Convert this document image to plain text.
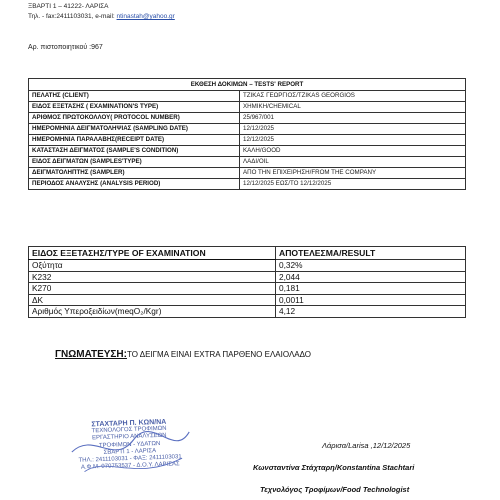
ΞΒΑΡΤΙ 1 – 41222- ΛΑΡΙΣΑ
Τηλ. - fax:2411103031, e-mail: ntinastah@yahoo.gr
Αρ. πιστοποιητικού :967
ΕΚΘΕΣΗ ΔΟΚΙΜΩΝ – TESTS' REPORT	
ΠΕΛΑΤΗΣ (CLIENT)	ΤΖΙΚΑΣ ΓΕΩΡΓΙΟΣ/TZIKAS GEORGIOS
ΕΙΔΟΣ ΕΞΕΤΑΣΗΣ ( EXAMINATION'S TYPE)	ΧΗΜΙΚΗ/CHEMICAL
ΑΡΙΘΜΟΣ ΠΡΩΤΟΚΟΛΛΟΥ( PROTOCOL NUMBER)	25/967/001
ΗΜΕΡΟΜΗΝΙΑ ΔΕΙΓΜΑΤΟΛΗΨΙΑΣ (SAMPLING DATE)	12/12/2025
ΗΜΕΡΟΜΗΝΙΑ ΠΑΡΑΛΑΒΗΣ(RECEIPT DATE)	12/12/2025
ΚΑΤΑΣΤΑΣΗ ΔΕΙΓΜΑΤΟΣ (SAMPLE'S CONDITION)	ΚΑΛΗ/GOOD
ΕΙΔΟΣ ΔΕΙΓΜΑΤΩΝ (SAMPLES'TYPE)	ΛΑΔΙ/OIL
ΔΕΙΓΜΑΤΟΛΗΠΤΗΣ (SAMPLER)	ΑΠΟ ΤΗΝ ΕΠΙΧΕΙΡΗΣΗ/FROM THE COMPANY
ΠΕΡΙΟΔΟΣ ΑΝΑΛΥΣΗΣ (ANALYSIS PERIOD)	12/12/2025 ΕΩΣ/TO 12/12/2025
ΕΙΔΟΣ ΕΞΕΤΑΣΗΣ/TYPE OF EXAMINATION	ΑΠΟΤΕΛΕΣΜΑ/RESULT
Οξύτητα	0,32%
K232	2,044
K270	0,181
ΔΚ	0,0011
Αριθμός Υπεροξειδίων(meqO₂/Kgr)	4,12
ΓΝΩΜΑΤΕΥΣΗ:ΤΟ ΔΕΙΓΜΑ ΕΙΝΑΙ EXTRA ΠΑΡΘΕΝΟ ΕΛΑΙΟΛΑΔΟ
ΣΤΑΧΤΑΡΗ Π. ΚΩΝ/ΝΑ
ΤΕΧΝΟΛΟΓΟΣ ΤΡΟΦΙΜΩΝ
ΕΡΓΑΣΤΗΡΙΟ ΑΝΑΛΥΣΕΩΝ
ΤΡΟΦΙΜΩΝ - ΥΔΑΤΩΝ
ΣΒΑΡΤΙ 1 - ΛΑΡΙΣΑ
ΤΗΛ.: 2411103031 - ΦΑΞ: 2411103031
Α.Φ.Μ. 070753537 - Δ.Ο.Υ. ΛΑΡΙΣΑΣ
Λάρισα/Larisa ,12/12/2025
Κωνσταντίνα Στάχταρη/Konstantina Stachtari
Τεχνολόγος Τροφίμων/Food Technologist
